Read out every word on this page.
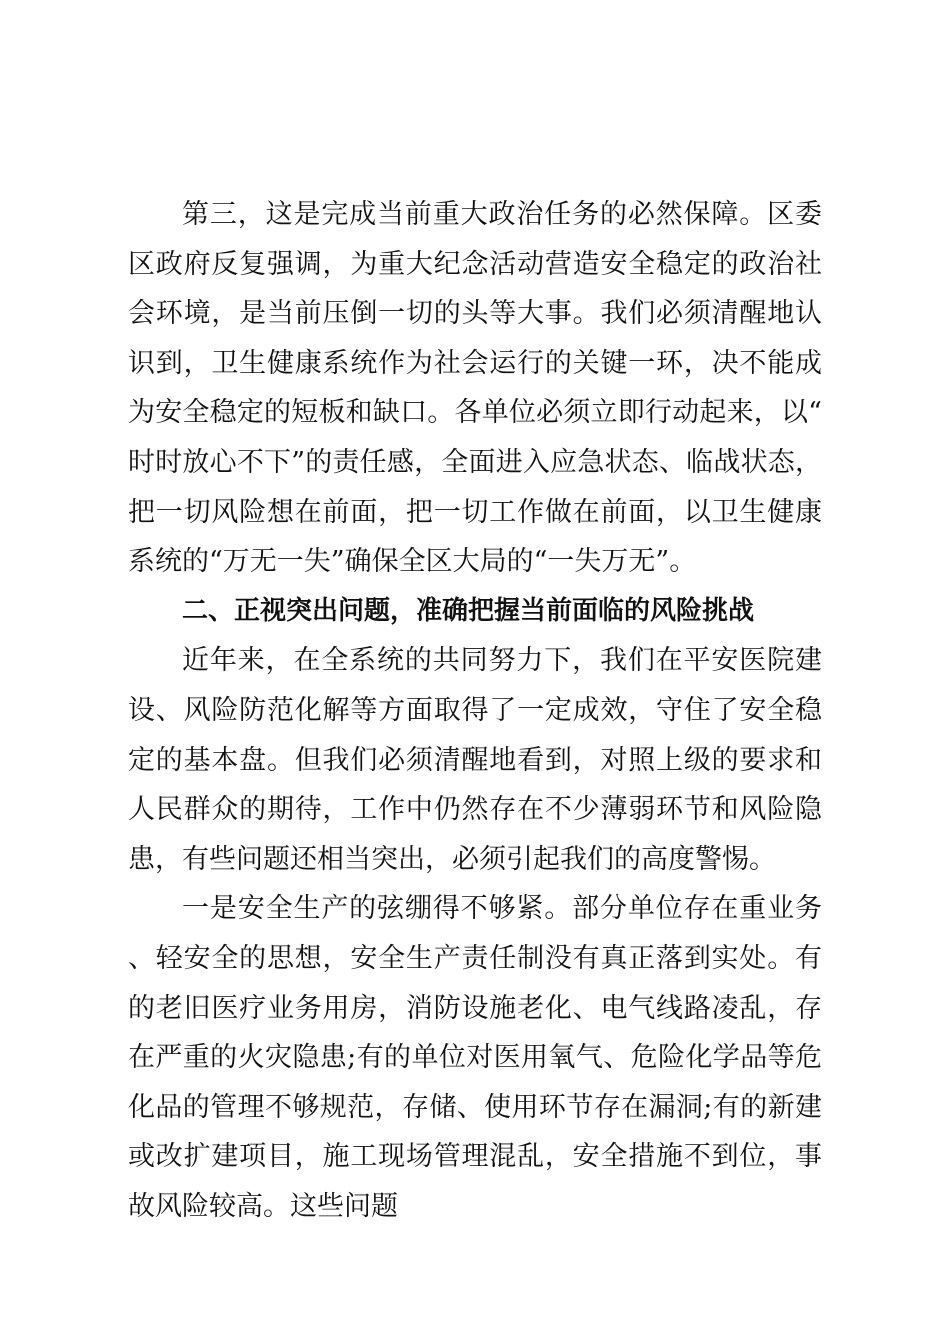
第三，这是完成当前重大政治任务的必然保障。区委区政府反复强调，为重大纪念活动营造安全稳定的政治社会环境，是当前压倒一切的头等大事。我们必须清醒地认识到，卫生健康系统作为社会运行的关键一环，决不能成为安全稳定的短板和缺口。各单位必须立即行动起来，以“时时放心不下”的责任感，全面进入应急状态、临战状态，把一切风险想在前面，把一切工作做在前面，以卫生健康系统的“万无一失”确保全区大局的“一失万无”。

二、正视突出问题，准确把握当前面临的风险挑战

近年来，在全系统的共同努力下，我们在平安医院建设、风险防范化解等方面取得了一定成效，守住了安全稳定的基本盘。但我们必须清醒地看到，对照上级的要求和人民群众的期待，工作中仍然存在不少薄弱环节和风险隐患，有些问题还相当突出，必须引起我们的高度警惕。

一是安全生产的弦绷得不够紧。部分单位存在重业务、轻安全的思想，安全生产责任制没有真正落到实处。有的老旧医疗业务用房，消防设施老化、电气线路凌乱，存在严重的火灾隐患;有的单位对医用氧气、危险化学品等危化品的管理不够规范，存储、使用环节存在漏洞;有的新建或改扩建项目，施工现场管理混乱，安全措施不到位，事故风险较高。这些问题
